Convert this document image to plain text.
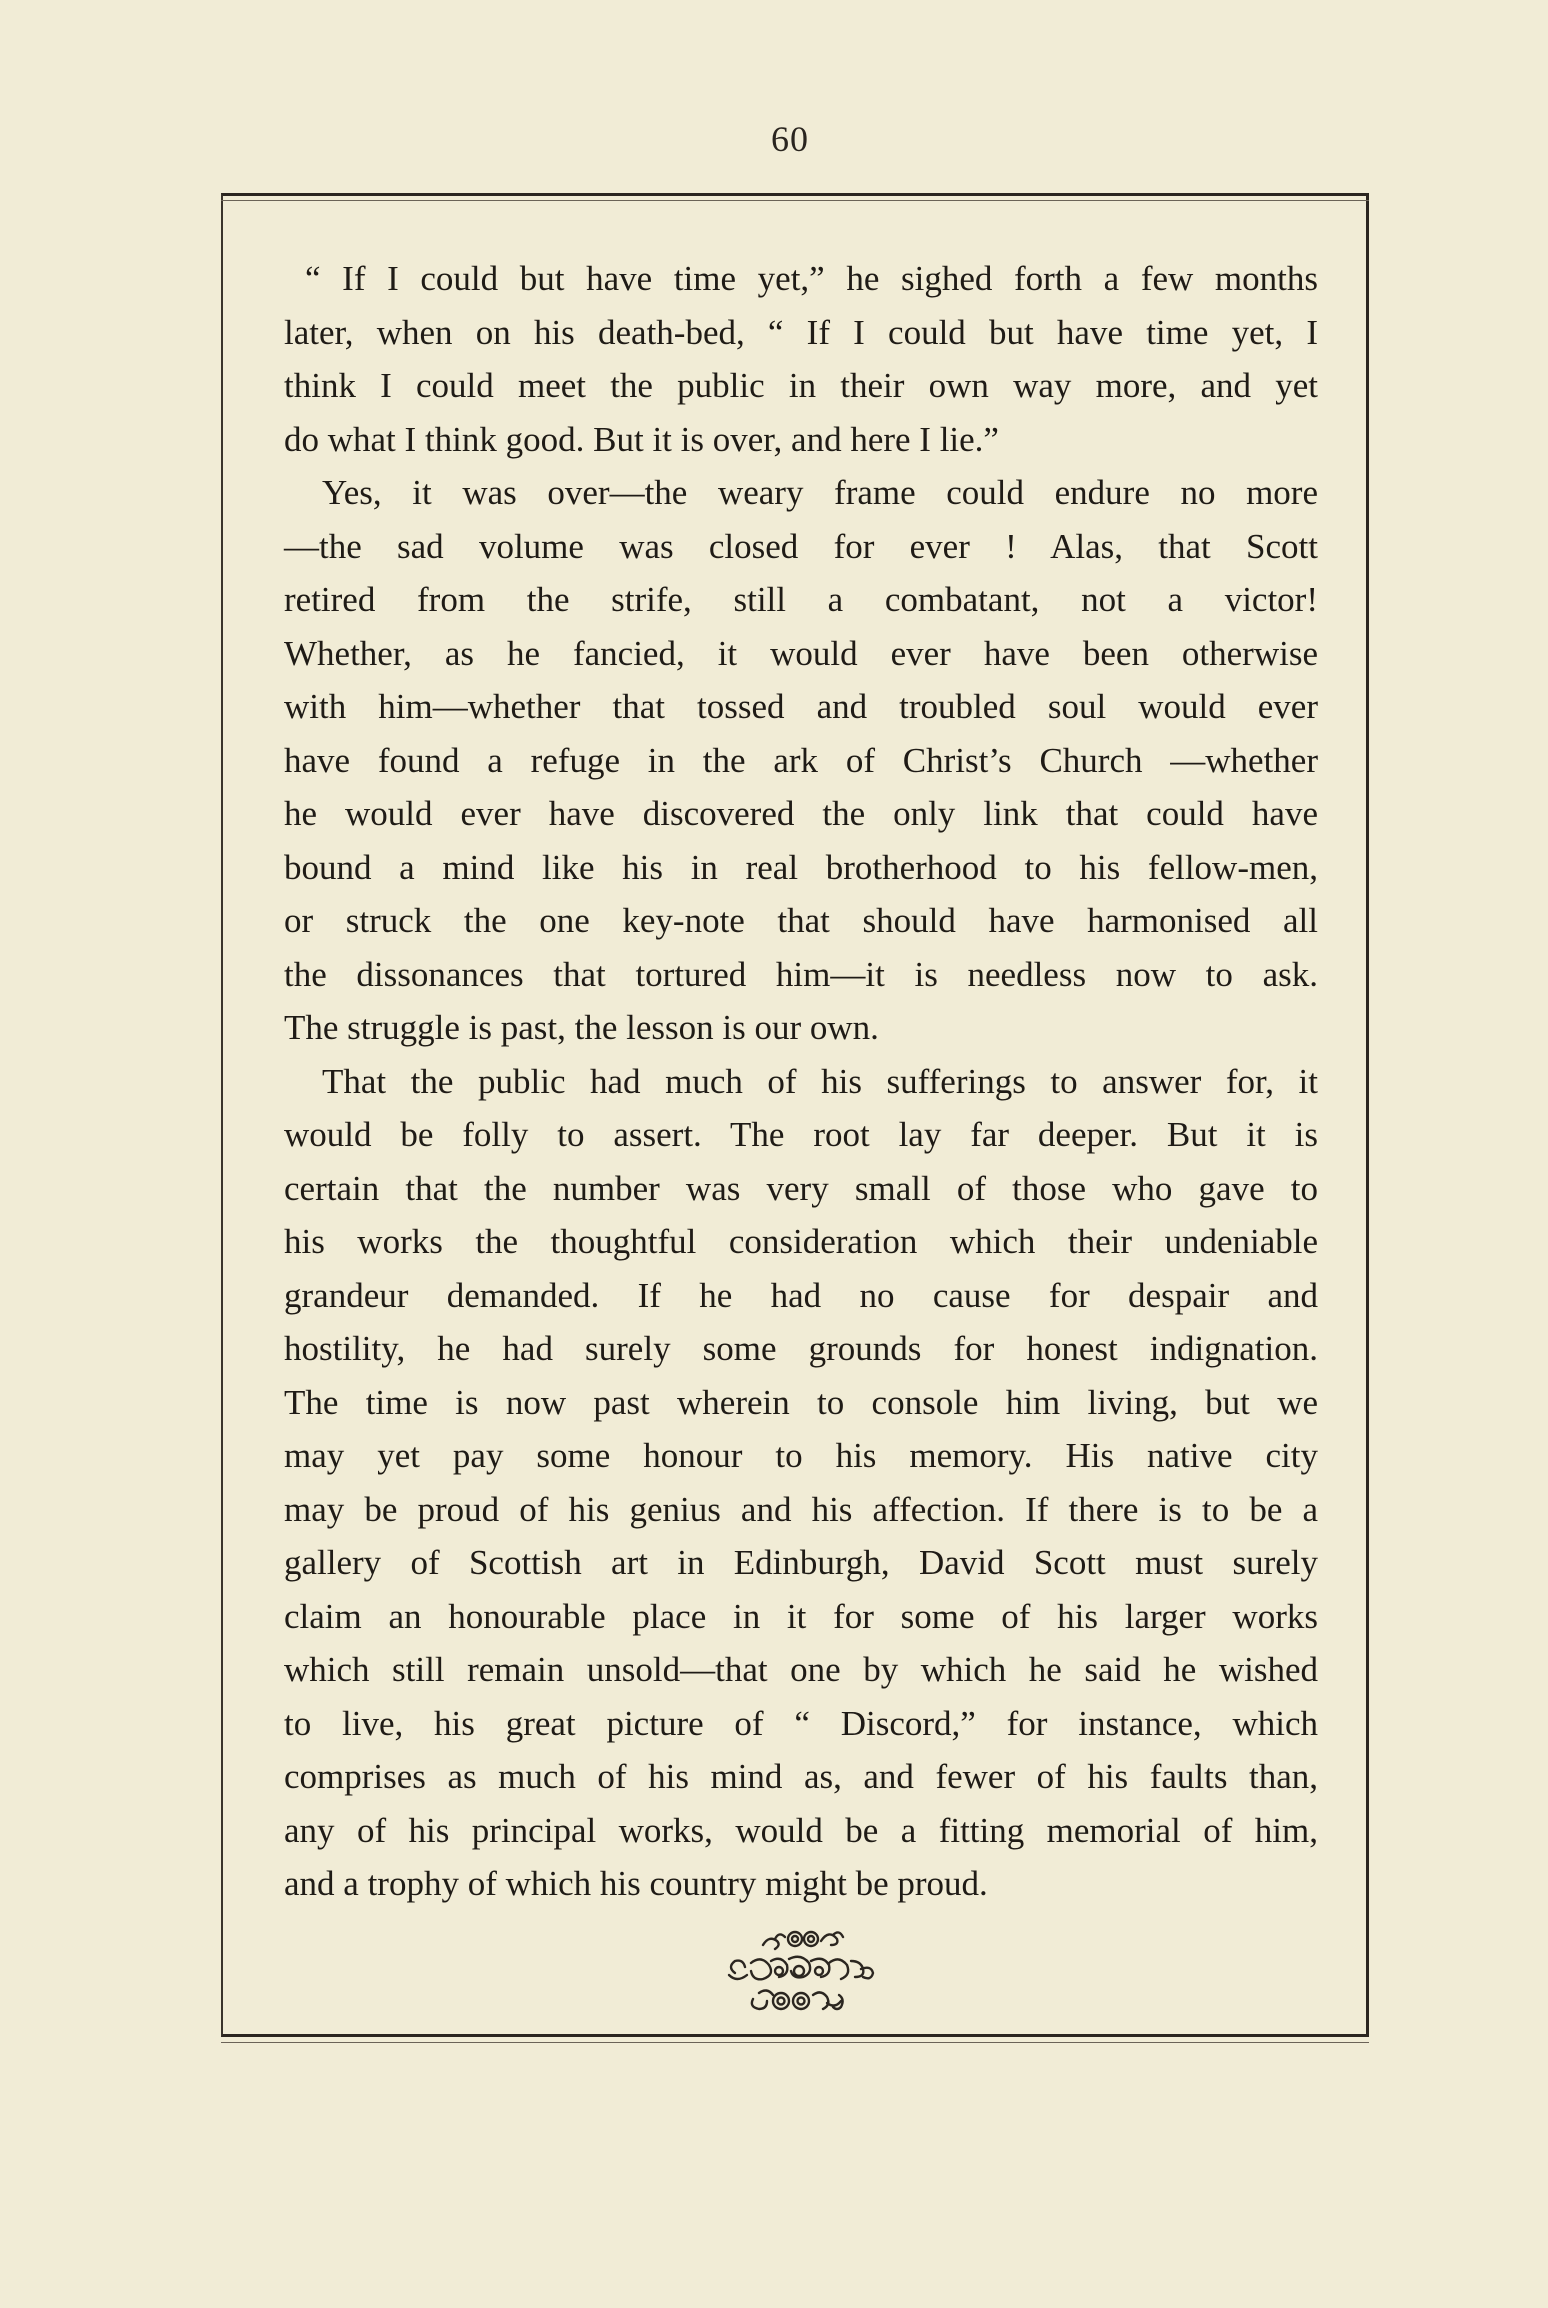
60
“ If I could but have time yet,” he sighed forth a few months
later, when on his death-bed, “ If I could but have time yet, I
think I could meet the public in their own way more, and yet
do what I think good. But it is over, and here I lie.”
Yes, it was over—the weary frame could endure no more
—the sad volume was closed for ever ! Alas, that Scott
retired from the strife, still a combatant, not a victor!
Whether, as he fancied, it would ever have been otherwise
with him—whether that tossed and troubled soul would ever
have found a refuge in the ark of Christ’s Church —whether
he would ever have discovered the only link that could have
bound a mind like his in real brotherhood to his fellow-men,
or struck the one key-note that should have harmonised all
the dissonances that tortured him—it is needless now to ask.
The struggle is past, the lesson is our own.
That the public had much of his sufferings to answer for, it
would be folly to assert. The root lay far deeper. But it is
certain that the number was very small of those who gave to
his works the thoughtful consideration which their undeniable
grandeur demanded. If he had no cause for despair and
hostility, he had surely some grounds for honest indignation.
The time is now past wherein to console him living, but we
may yet pay some honour to his memory. His native city
may be proud of his genius and his affection. If there is to be a
gallery of Scottish art in Edinburgh, David Scott must surely
claim an honourable place in it for some of his larger works
which still remain unsold—that one by which he said he wished
to live, his great picture of “ Discord,” for instance, which
comprises as much of his mind as, and fewer of his faults than,
any of his principal works, would be a fitting memorial of him,
and a trophy of which his country might be proud.
